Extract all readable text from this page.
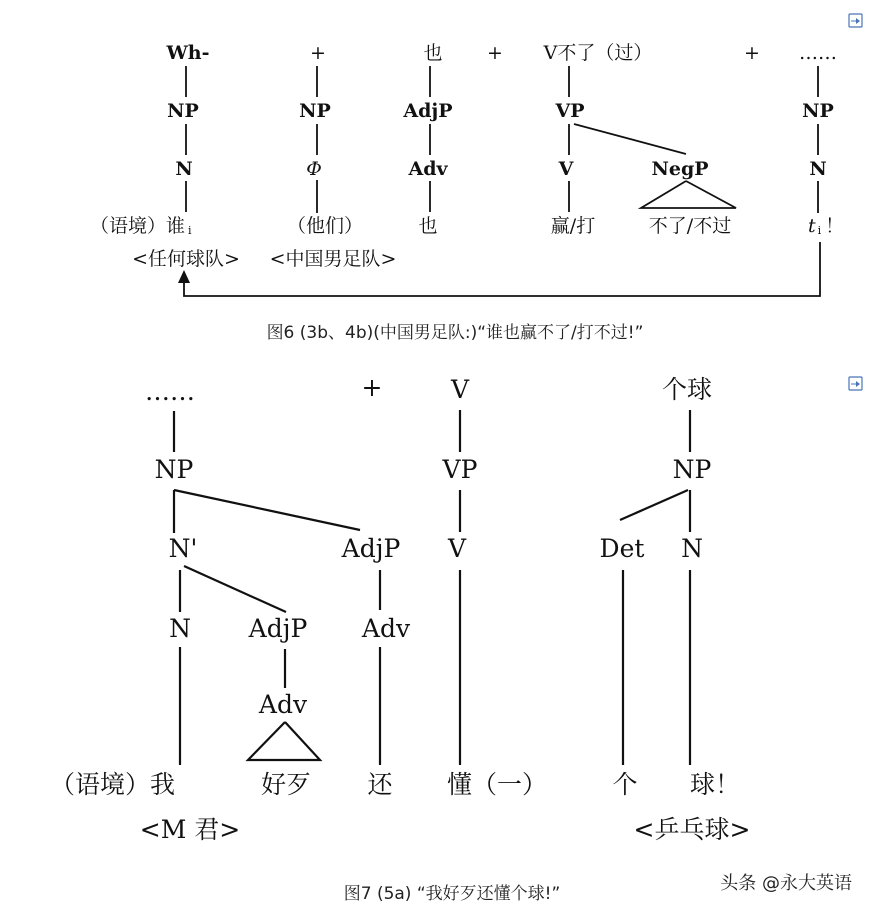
Wh-	+	也 + V不了（过）	+ ……
NP	NP	AdjP	VP	NP
N	Φ	Adv	V	NegP	N
（语境）谁 i	（他们）	也	赢/打	不了/不过	ti ！
<任何球队> <中国男足队>
图6 (3b、4b)(中国男足队:)“谁也赢不了/打不过!”
……	+	V	个球
NP	VP	NP
N'	AdjP V	Det N
N AdjP Adv
Adv
（语境）我	好歹 还 懂（一）	个 球！
<M 君>	<乒乓球>
图7 (5a) “我好歹还懂个球!”	头条 @永大英语
